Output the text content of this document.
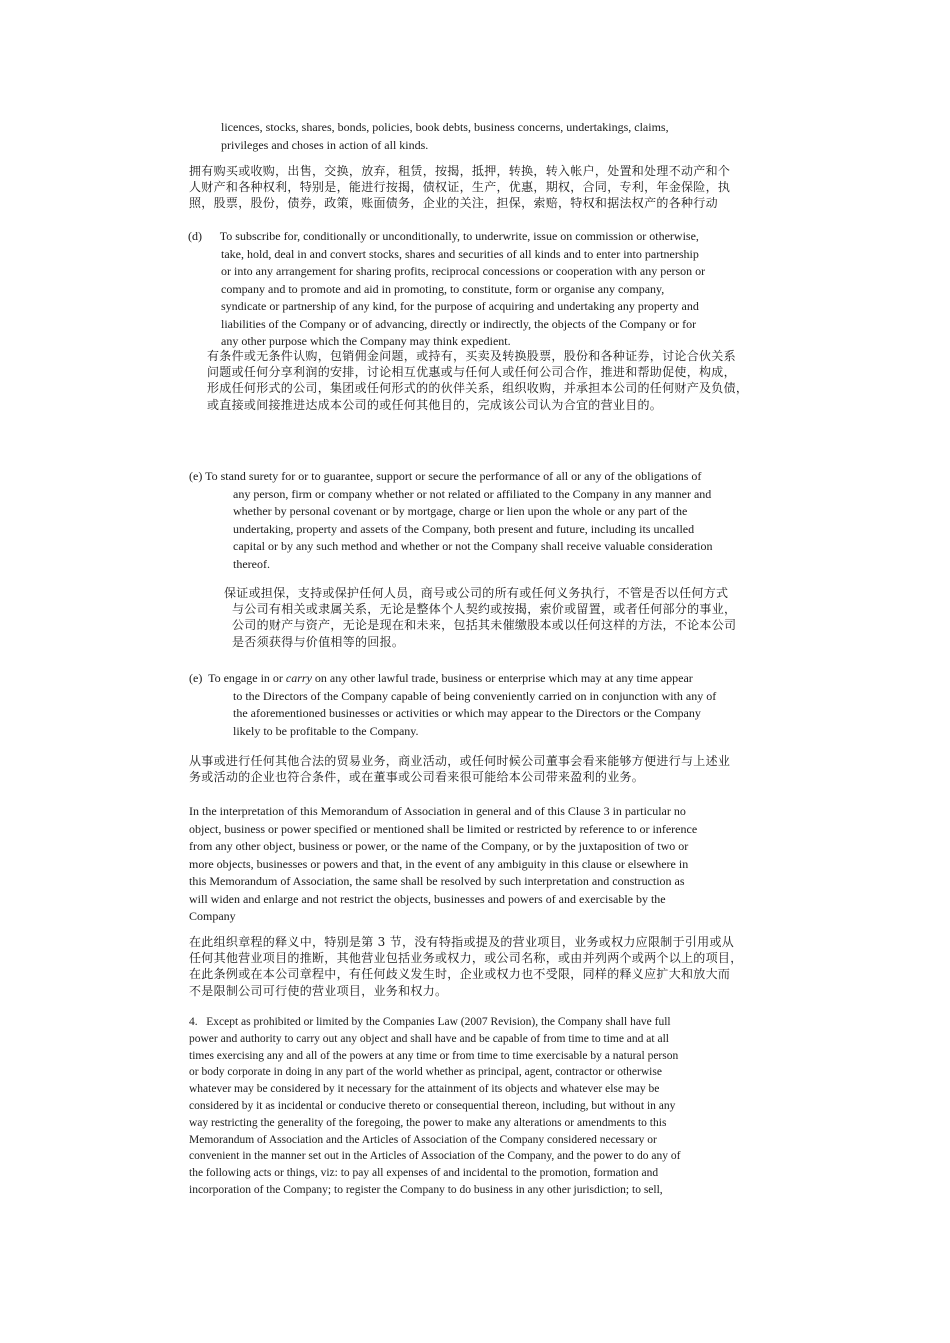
licences, stocks, shares, bonds, policies, book debts, business concerns, undertakings, claims,

privileges and choses in action of all kinds.

拥有购买或收购，出售，交换，放弃，租赁，按揭，抵押，转换，转入帐户，处置和处理不动产和个

人财产和各种权利，特别是，能进行按揭，债权证，生产，优惠，期权，合同，专利，年金保险，执

照，股票，股份，债券，政策，账面债务，企业的关注，担保，索赔，特权和据法权产的各种行动

(d)      To subscribe for, conditionally or unconditionally, to underwrite, issue on commission or otherwise,

take, hold, deal in and convert stocks, shares and securities of all kinds and to enter into partnership

or into any arrangement for sharing profits, reciprocal concessions or cooperation with any person or

company and to promote and aid in promoting, to constitute, form or organise any company,

syndicate or partnership of any kind, for the purpose of acquiring and undertaking any property and

liabilities of the Company or of advancing, directly or indirectly, the objects of the Company or for

any other purpose which the Company may think expedient.

有条件或无条件认购，包销佣金问题，或持有，买卖及转换股票，股份和各种证券，讨论合伙关系

问题或任何分享利润的安排，讨论相互优惠或与任何人或任何公司合作，推进和帮助促使，构成，

形成任何形式的公司，集团或任何形式的的伙伴关系，组织收购，并承担本公司的任何财产及负债，

或直接或间接推进达成本公司的或任何其他目的，完成该公司认为合宜的营业目的。

(e) To stand surety for or to guarantee, support or secure the performance of all or any of the obligations of

any person, firm or company whether or not related or affiliated to the Company in any manner and

whether by personal covenant or by mortgage, charge or lien upon the whole or any part of the

undertaking, property and assets of the Company, both present and future, including its uncalled

capital or by any such method and whether or not the Company shall receive valuable consideration

thereof.

保证或担保，支持或保护任何人员，商号或公司的所有或任何义务执行，不管是否以任何方式

与公司有相关或隶属关系，无论是整体个人契约或按揭，索价或留置，或者任何部分的事业，

公司的财产与资产，无论是现在和未来，包括其未催缴股本或以任何这样的方法，不论本公司

是否须获得与价值相等的回报。

(e)  To engage in or carry on any other lawful trade, business or enterprise which may at any time appear

to the Directors of the Company capable of being conveniently carried on in conjunction with any of

the aforementioned businesses or activities or which may appear to the Directors or the Company

likely to be profitable to the Company.

从事或进行任何其他合法的贸易业务，商业活动，或任何时候公司董事会看来能够方便进行与上述业

务或活动的企业也符合条件，或在董事或公司看来很可能给本公司带来盈利的业务。

In the interpretation of this Memorandum of Association in general and of this Clause 3 in particular no

object, business or power specified or mentioned shall be limited or restricted by reference to or inference

from any other object, business or power, or the name of the Company, or by the juxtaposition of two or

more objects, businesses or powers and that, in the event of any ambiguity in this clause or elsewhere in

this Memorandum of Association, the same shall be resolved by such interpretation and construction as

will widen and enlarge and not restrict the objects, businesses and powers of and exercisable by the

Company

在此组织章程的释义中，特别是第 3 节，没有特指或提及的营业项目，业务或权力应限制于引用或从

任何其他营业项目的推断，其他营业包括业务或权力，或公司名称，或由并列两个或两个以上的项目，

在此条例或在本公司章程中，有任何歧义发生时，企业或权力也不受限，同样的释义应扩大和放大而

不是限制公司可行使的营业项目，业务和权力。

4.   Except as prohibited or limited by the Companies Law (2007 Revision), the Company shall have full

power and authority to carry out any object and shall have and be capable of from time to time and at all

times exercising any and all of the powers at any time or from time to time exercisable by a natural person

or body corporate in doing in any part of the world whether as principal, agent, contractor or otherwise

whatever may be considered by it necessary for the attainment of its objects and whatever else may be

considered by it as incidental or conducive thereto or consequential thereon, including, but without in any

way restricting the generality of the foregoing, the power to make any alterations or amendments to this

Memorandum of Association and the Articles of Association of the Company considered necessary or

convenient in the manner set out in the Articles of Association of the Company, and the power to do any of

the following acts or things, viz: to pay all expenses of and incidental to the promotion, formation and

incorporation of the Company; to register the Company to do business in any other jurisdiction; to sell,
